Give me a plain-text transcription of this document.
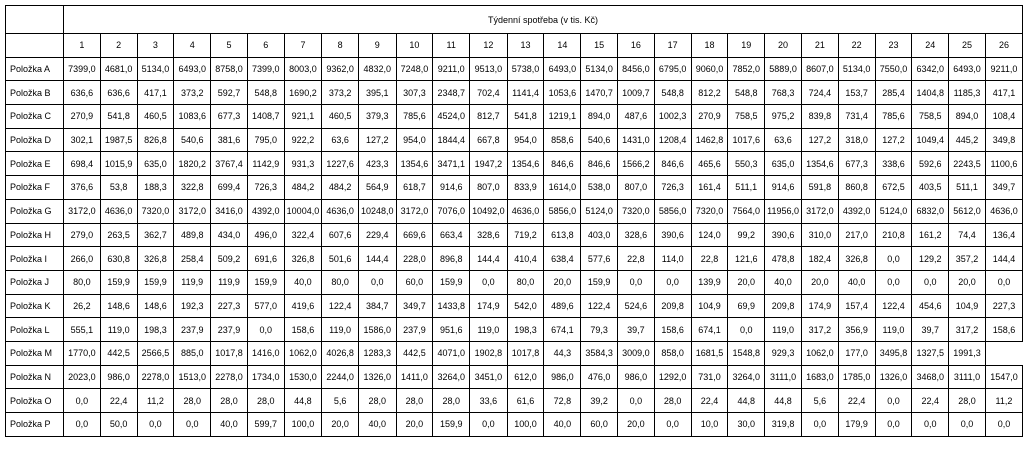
	Týdenní spotřeba (v tis. Kč)																									
	1	2	3	4	5	6	7	8	9	10	11	12	13	14	15	16	17	18	19	20	21	22	23	24	25	26
Položka A	7399,0	4681,0	5134,0	6493,0	8758,0	7399,0	8003,0	9362,0	4832,0	7248,0	9211,0	9513,0	5738,0	6493,0	5134,0	8456,0	6795,0	9060,0	7852,0	5889,0	8607,0	5134,0	7550,0	6342,0	6493,0	9211,0
Položka B	636,6	636,6	417,1	373,2	592,7	548,8	1690,2	373,2	395,1	307,3	2348,7	702,4	1141,4	1053,6	1470,7	1009,7	548,8	812,2	548,8	768,3	724,4	153,7	285,4	1404,8	1185,3	417,1
Položka C	270,9	541,8	460,5	1083,6	677,3	1408,7	921,1	460,5	379,3	785,6	4524,0	812,7	541,8	1219,1	894,0	487,6	1002,3	270,9	758,5	975,2	839,8	731,4	785,6	758,5	894,0	108,4
Položka D	302,1	1987,5	826,8	540,6	381,6	795,0	922,2	63,6	127,2	954,0	1844,4	667,8	954,0	858,6	540,6	1431,0	1208,4	1462,8	1017,6	63,6	127,2	318,0	127,2	1049,4	445,2	349,8
Položka E	698,4	1015,9	635,0	1820,2	3767,4	1142,9	931,3	1227,6	423,3	1354,6	3471,1	1947,2	1354,6	846,6	846,6	1566,2	846,6	465,6	550,3	635,0	1354,6	677,3	338,6	592,6	2243,5	1100,6
Položka F	376,6	53,8	188,3	322,8	699,4	726,3	484,2	484,2	564,9	618,7	914,6	807,0	833,9	1614,0	538,0	807,0	726,3	161,4	511,1	914,6	591,8	860,8	672,5	403,5	511,1	349,7
Položka G	3172,0	4636,0	7320,0	3172,0	3416,0	4392,0	10004,0	4636,0	10248,0	3172,0	7076,0	10492,0	4636,0	5856,0	5124,0	7320,0	5856,0	7320,0	7564,0	11956,0	3172,0	4392,0	5124,0	6832,0	5612,0	4636,0
Položka H	279,0	263,5	362,7	489,8	434,0	496,0	322,4	607,6	229,4	669,6	663,4	328,6	719,2	613,8	403,0	328,6	390,6	124,0	99,2	390,6	310,0	217,0	210,8	161,2	74,4	136,4
Položka I	266,0	630,8	326,8	258,4	509,2	691,6	326,8	501,6	144,4	228,0	896,8	144,4	410,4	638,4	577,6	22,8	114,0	22,8	121,6	478,8	182,4	326,8	0,0	129,2	357,2	144,4
Položka J	80,0	159,9	159,9	119,9	119,9	159,9	40,0	80,0	0,0	60,0	159,9	0,0	80,0	20,0	159,9	0,0	0,0	139,9	20,0	40,0	20,0	40,0	0,0	0,0	20,0	0,0
Položka K	26,2	148,6	148,6	192,3	227,3	577,0	419,6	122,4	384,7	349,7	1433,8	174,9	542,0	489,6	122,4	524,6	209,8	104,9	69,9	209,8	174,9	157,4	122,4	454,6	104,9	227,3
Položka L	555,1	119,0	198,3	237,9	237,9	0,0	158,6	119,0	1586,0	237,9	951,6	119,0	198,3	674,1	79,3	39,7	158,6	674,1	0,0	119,0	317,2	356,9	119,0	39,7	317,2	158,6
Položka M	1770,0	442,5	2566,5	885,0	1017,8	1416,0	1062,0	4026,8	1283,3	442,5	4071,0	1902,8	1017,8	44,3	3584,3	3009,0	858,0	1681,5	1548,8	929,3	1062,0	177,0	3495,8	1327,5	1991,3	
Položka N	2023,0	986,0	2278,0	1513,0	2278,0	1734,0	1530,0	2244,0	1326,0	1411,0	3264,0	3451,0	612,0	986,0	476,0	986,0	1292,0	731,0	3264,0	3111,0	1683,0	1785,0	1326,0	3468,0	3111,0	1547,0
Položka O	0,0	22,4	11,2	28,0	28,0	28,0	44,8	5,6	28,0	28,0	28,0	33,6	61,6	72,8	39,2	0,0	28,0	22,4	44,8	44,8	5,6	22,4	0,0	22,4	28,0	11,2
Položka P	0,0	50,0	0,0	0,0	40,0	599,7	100,0	20,0	40,0	20,0	159,9	0,0	100,0	40,0	60,0	20,0	0,0	10,0	30,0	319,8	0,0	179,9	0,0	0,0	0,0	0,0
